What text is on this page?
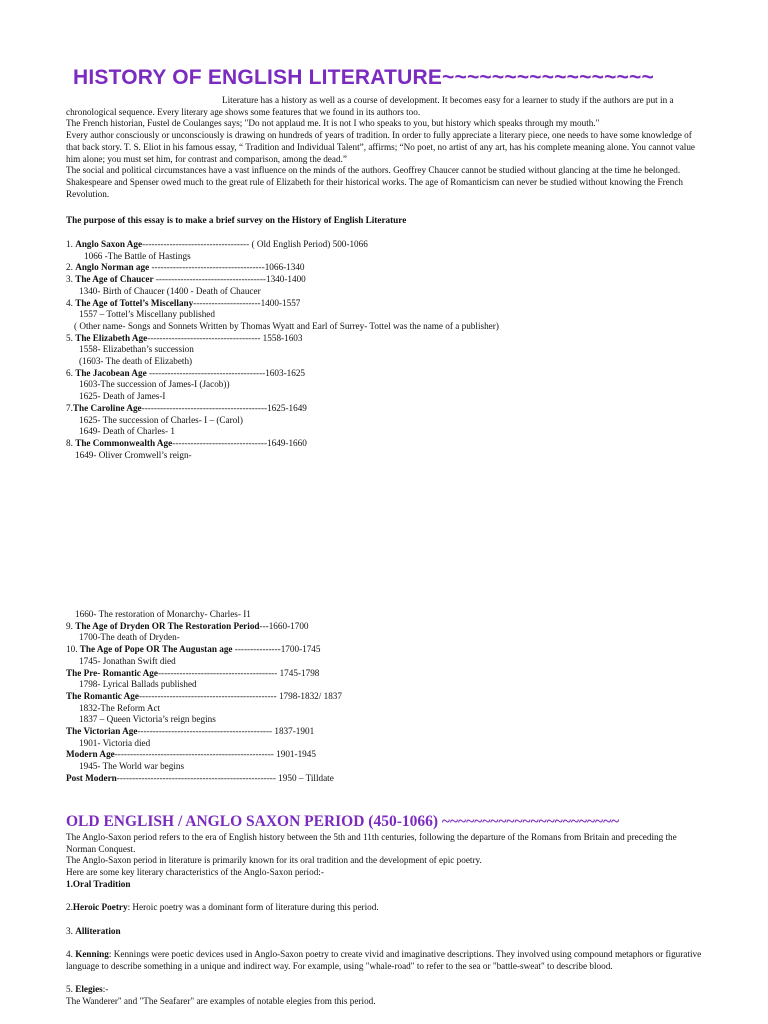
HISTORY OF ENGLISH LITERATURE~~~~~~~~~~~~~~~~~

Literature has a history as well as a course of development. It becomes easy for a learner to study if the authors are put in a chronological sequence. Every literary age shows some features that we found in its authors too.

The French historian, Fustel de Coulanges says; "Do not applaud me. It is not I who speaks to you, but history which speaks through my mouth."

Every author consciously or unconsciously is drawing on hundreds of years of tradition. In order to fully appreciate a literary piece, one needs to have some knowledge of that back story. T. S. Eliot in his famous essay, “ Tradition and Individual Talent”, affirms; “No poet, no artist of any art, has his complete meaning alone. You cannot value him alone; you must set him, for contrast and comparison, among the dead.”

The social and political circumstances have a vast influence on the minds of the authors. Geoffrey Chaucer cannot be studied without glancing at the time he belonged. Shakespeare and Spenser owed much to the great rule of Elizabeth for their historical works. The age of Romanticism can never be studied without knowing the French Revolution.

The purpose of this essay is to make a brief survey on the History of English Literature

1. Anglo Saxon Age----------------------------------- ( Old English Period) 500-1066

1066 -The Battle of Hastings

2. Anglo Norman age -------------------------------------1066-1340

3. The Age of Chaucer ------------------------------------1340-1400

1340- Birth of Chaucer (1400 - Death of Chaucer

4. The Age of Tottel’s Miscellany----------------------1400-1557

1557 – Tottel’s Miscellany published

( Other name- Songs and Sonnets Written by Thomas Wyatt and Earl of Surrey- Tottel was the name of a publisher)

5. The Elizabeth Age------------------------------------- 1558-1603

1558- Elizabethan’s succession

(1603- The death of Elizabeth)

6. The Jacobean Age --------------------------------------1603-1625

1603-The succession of James-I (Jacob))

1625- Death of James-I

7.The Caroline Age-----------------------------------------1625-1649

1625- The succession of Charles- I – (Carol)

1649- Death of Charles- 1

8. The Commonwealth Age-------------------------------1649-1660

1649- Oliver Cromwell’s reign-

1660- The restoration of Monarchy- Charles- I1

9. The Age of Dryden OR The Restoration Period---1660-1700

1700-The death of Dryden-

10. The Age of Pope OR The Augustan age ---------------1700-1745

1745- Jonathan Swift died

The Pre- Romantic Age--------------------------------------- 1745-1798

1798- Lyrical Ballads published

The Romantic Age--------------------------------------------- 1798-1832/ 1837

1832-The Reform Act

1837 – Queen Victoria’s reign begins

The Victorian Age-------------------------------------------- 1837-1901

1901- Victoria died

Modern Age---------------------------------------------------- 1901-1945

1945- The World war begins

Post Modern---------------------------------------------------- 1950 – Tilldate

OLD ENGLISH / ANGLO SAXON PERIOD (450-1066) ~~~~~~~~~~~~~~~~~~~~~~

The Anglo-Saxon period refers to the era of English history between the 5th and 11th centuries, following the departure of the Romans from Britain and preceding the Norman Conquest.

The Anglo-Saxon period in literature is primarily known for its oral tradition and the development of epic poetry.

Here are some key literary characteristics of the Anglo-Saxon period:-

1.Oral Tradition

2.Heroic Poetry: Heroic poetry was a dominant form of literature during this period.

3. Alliteration

4. Kenning: Kennings were poetic devices used in Anglo-Saxon poetry to create vivid and imaginative descriptions. They involved using compound metaphors or figurative language to describe something in a unique and indirect way. For example, using "whale-road" to refer to the sea or "battle-sweat" to describe blood.

5. Elegies:-

The Wanderer" and "The Seafarer" are examples of notable elegies from this period.
